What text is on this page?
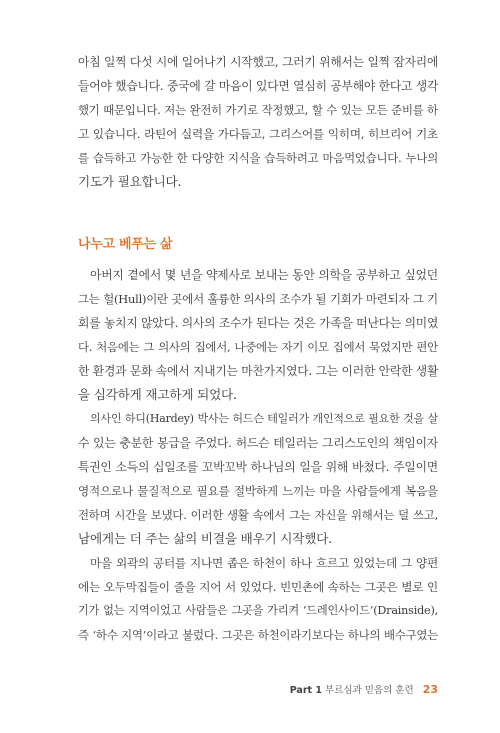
아침 일찍 다섯 시에 일어나기 시작했고, 그러기 위해서는 일찍 잠자리에
들어야 했습니다. 중국에 갈 마음이 있다면 열심히 공부해야 한다고 생각
했기 때문입니다. 저는 완전히 가기로 작정했고, 할 수 있는 모든 준비를 하
고 있습니다. 라틴어 실력을 가다듬고, 그리스어를 익히며, 히브리어 기초
를 습득하고 가능한 한 다양한 지식을 습득하려고 마음먹었습니다. 누나의
기도가 필요합니다.
나누고 베푸는 삶
아버지 곁에서 몇 년을 약제사로 보내는 동안 의학을 공부하고 싶었던
그는 헐(Hull)이란 곳에서 훌륭한 의사의 조수가 될 기회가 마련되자 그 기
회를 놓치지 않았다. 의사의 조수가 된다는 것은 가족을 떠난다는 의미였
다. 처음에는 그 의사의 집에서, 나중에는 자기 이모 집에서 묵었지만 편안
한 환경과 문화 속에서 지내기는 마찬가지였다. 그는 이러한 안락한 생활
을 심각하게 재고하게 되었다.
의사인 하디(Hardey) 박사는 허드슨 테일러가 개인적으로 필요한 것을 살
수 있는 충분한 봉급을 주었다. 허드슨 테일러는 그리스도인의 책임이자
특권인 소득의 십일조를 꼬박꼬박 하나님의 일을 위해 바쳤다. 주일이면
영적으로나 물질적으로 필요를 절박하게 느끼는 마을 사람들에게 복음을
전하며 시간을 보냈다. 이러한 생활 속에서 그는 자신을 위해서는 덜 쓰고,
남에게는 더 주는 삶의 비결을 배우기 시작했다.
마을 외곽의 공터를 지나면 좁은 하천이 하나 흐르고 있었는데 그 양편
에는 오두막집들이 줄을 지어 서 있었다. 빈민촌에 속하는 그곳은 별로 인
기가 없는 지역이었고 사람들은 그곳을 가리켜 ‘드레인사이드’(Drainside),
즉 ‘하수 지역’이라고 불렀다. 그곳은 하천이라기보다는 하나의 배수구였는
Part 1 부르심과 믿음의 훈련 23
